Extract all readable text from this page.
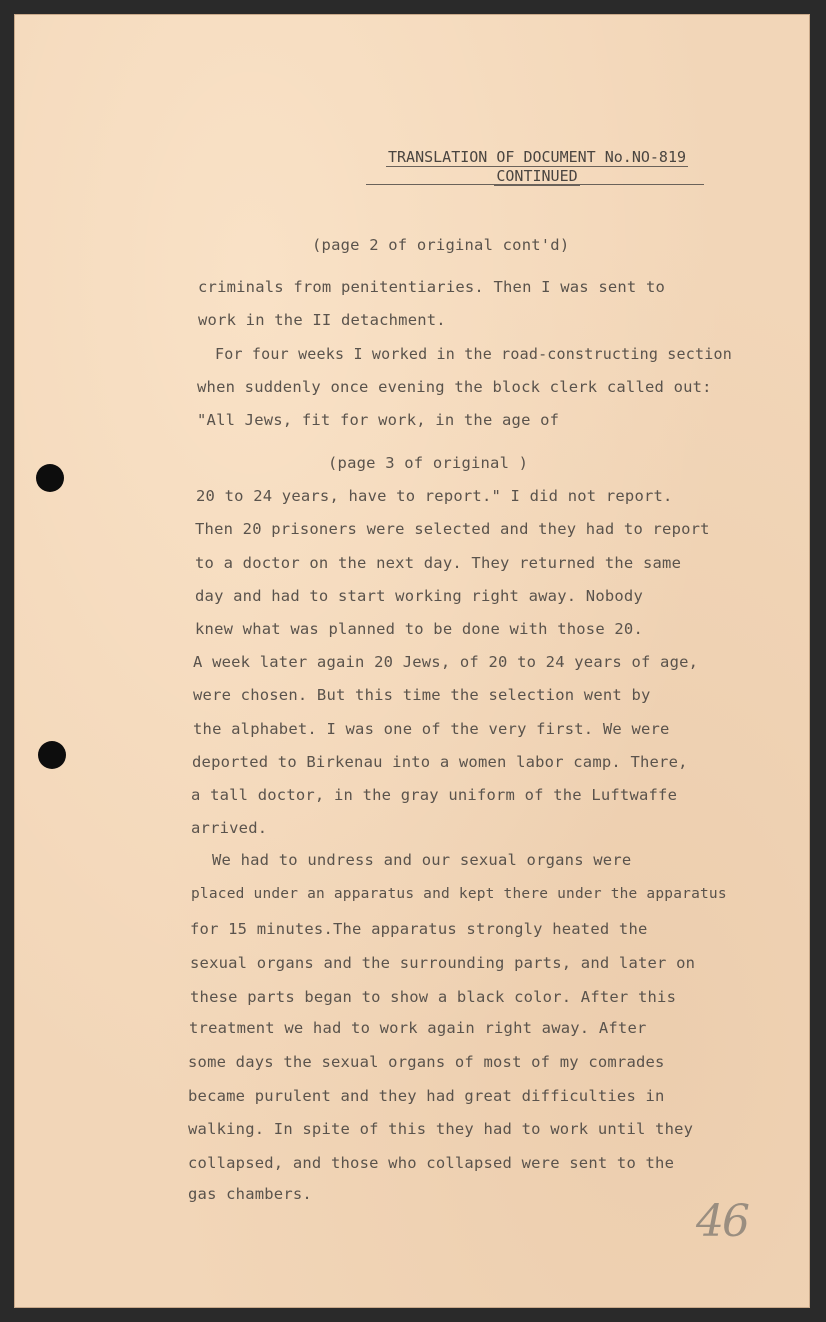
TRANSLATION OF DOCUMENT No.NO-819
CONTINUED
(page 2 of original cont'd)
criminals from penitentiaries. Then I was sent to
work in the II detachment.
For four weeks I worked in the road-constructing section
when suddenly once evening the block clerk called out:
"All Jews, fit for work, in the age of
(page 3 of original )
20 to 24 years, have to report." I did not report.
Then 20 prisoners were selected and they had to report
to a doctor on the next day. They returned the same
day and had to start working right away. Nobody
knew what was planned to be done with those 20.
A week later again 20 Jews, of 20 to 24 years of age,
were chosen. But this time the selection went by
the alphabet. I was one of the very first. We were
deported to Birkenau into a women labor camp. There,
a tall doctor, in the gray uniform of the Luftwaffe
arrived.
We had to undress and our sexual organs were
placed under an apparatus and kept there under the apparatus
for 15 minutes.The apparatus strongly heated the
sexual organs and the surrounding parts, and later on
these parts began to show a black color. After this
treatment we had to work again right away. After
some days the sexual organs of most of my comrades
became purulent and they had great difficulties in
walking. In spite of this they had to work until they
collapsed, and those who collapsed were sent to the
gas chambers.
46
